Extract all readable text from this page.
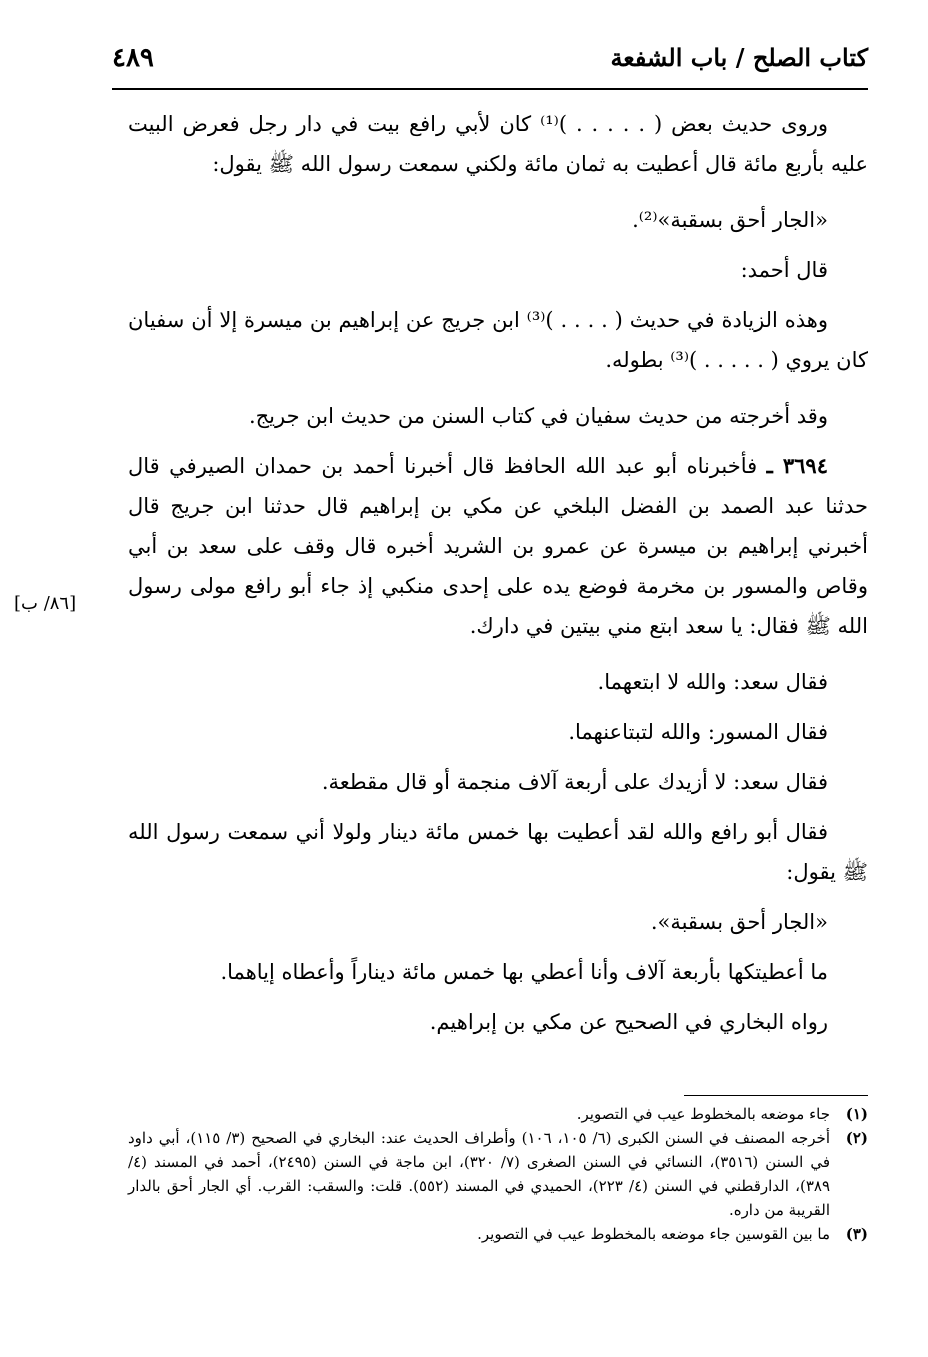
كتاب الصلح / باب الشفعة
٤٨٩

وروى حديث بعض ( . . . . . )⁽¹⁾ كان لأبي رافع بيت في دار رجل فعرض البيت عليه بأربع مائة قال أعطيت به ثمان مائة ولكني سمعت رسول الله ﷺ يقول:

«الجار أحق بسقبة»⁽²⁾.

قال أحمد:

وهذه الزيادة في حديث ( . . . . )⁽³⁾ ابن جريج عن إبراهيم بن ميسرة إلا أن سفيان كان يروي ( . . . . . )⁽³⁾ بطوله.

وقد أخرجته من حديث سفيان في كتاب السنن من حديث ابن جريج.

٣٦٩٤ ـ فأخبرناه أبو عبد الله الحافظ قال أخبرنا أحمد بن حمدان الصيرفي قال حدثنا عبد الصمد بن الفضل البلخي عن مكي بن إبراهيم قال حدثنا ابن جريج قال أخبرني إبراهيم بن ميسرة عن عمرو بن الشريد أخبره قال وقف على سعد بن أبي وقاص والمسور بن مخرمة فوضع يده على إحدى منكبي إذ جاء أبو رافع مولى رسول الله ﷺ فقال: يا سعد ابتع مني بيتين في دارك.

فقال سعد: والله لا ابتعهما.

فقال المسور: والله لتبتاعنهما.

فقال سعد: لا أزيدك على أربعة آلاف منجمة أو قال مقطعة.

فقال أبو رافع والله لقد أعطيت بها خمس مائة دينار ولولا أني سمعت رسول الله ﷺ يقول:

«الجار أحق بسقبة».

ما أعطيتكها بأربعة آلاف وأنا أعطي بها خمس مائة ديناراً وأعطاه إياهما.

رواه البخاري في الصحيح عن مكي بن إبراهيم.

[٨٦/ ب]
(١)
جاء موضعه بالمخطوط عيب في التصوير.
(٢)
أخرجه المصنف في السنن الكبرى (٦/ ١٠٥، ١٠٦) وأطراف الحديث عند: البخاري في الصحيح (٣/ ١١٥)، أبي داود في السنن (٣٥١٦)، النسائي في السنن الصغرى (٧/ ٣٢٠)، ابن ماجة في السنن (٢٤٩٥)، أحمد في المسند (٤/ ٣٨٩)، الدارقطني في السنن (٤/ ٢٢٣)، الحميدي في المسند (٥٥٢). قلت: والسقب: القرب. أي الجار أحق بالدار القريبة من داره.
(٣)
ما بين القوسين جاء موضعه بالمخطوط عيب في التصوير.
